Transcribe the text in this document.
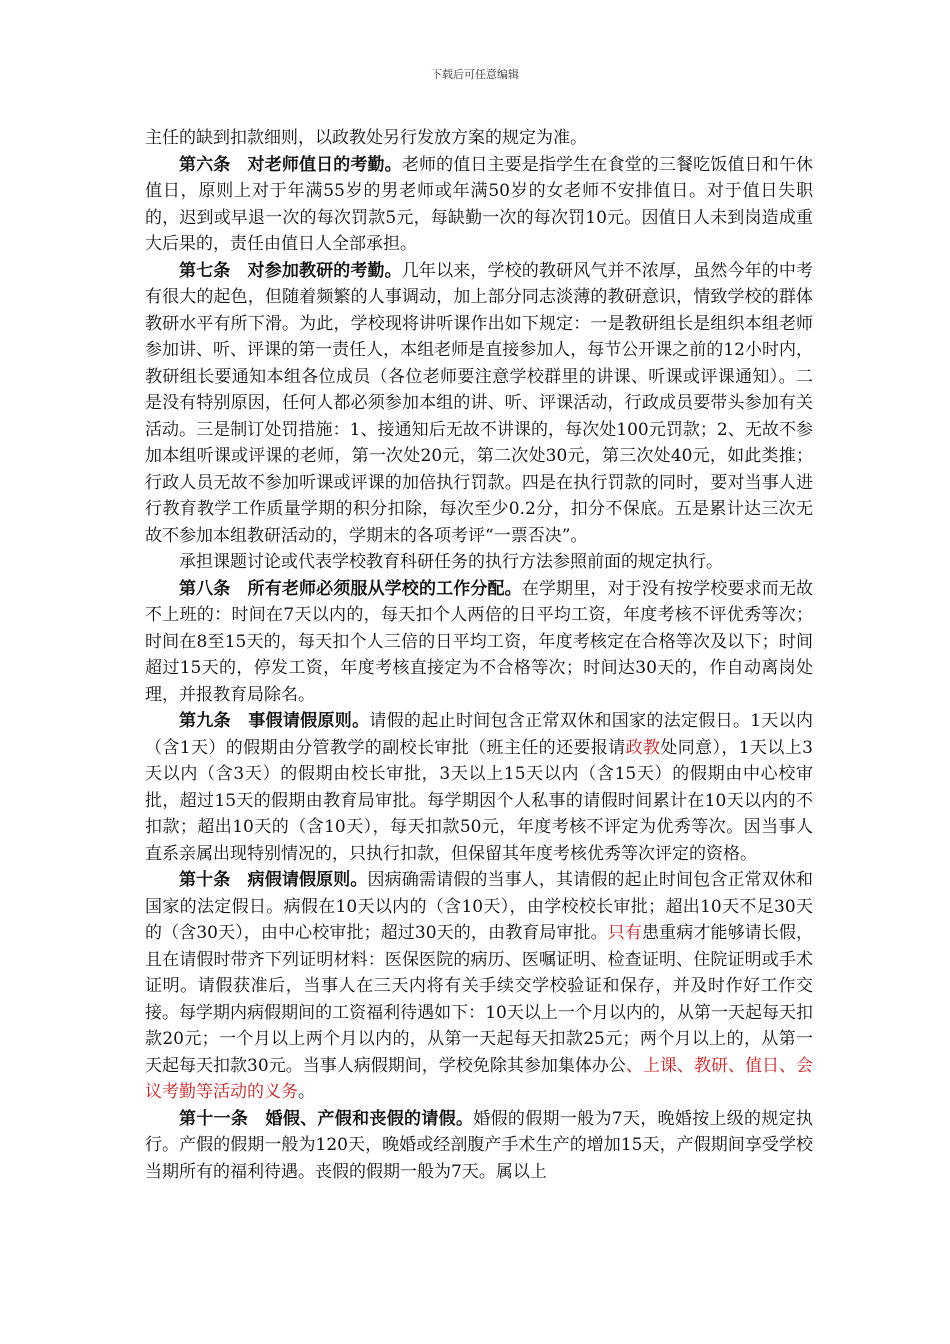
下载后可任意编辑

主任的缺到扣款细则，以政教处另行发放方案的规定为准。

第六条　对老师值日的考勤。老师的值日主要是指学生在食堂的三餐吃饭值日和午休值日，原则上对于年满55岁的男老师或年满50岁的女老师不安排值日。对于值日失职的，迟到或早退一次的每次罚款5元，每缺勤一次的每次罚10元。因值日人未到岗造成重大后果的，责任由值日人全部承担。

第七条　对参加教研的考勤。几年以来，学校的教研风气并不浓厚，虽然今年的中考有很大的起色，但随着频繁的人事调动，加上部分同志淡薄的教研意识，情致学校的群体教研水平有所下滑。为此，学校现将讲听课作出如下规定：一是教研组长是组织本组老师参加讲、听、评课的第一责任人，本组老师是直接参加人，每节公开课之前的12小时内，教研组长要通知本组各位成员（各位老师要注意学校群里的讲课、听课或评课通知）。二是没有特别原因，任何人都必须参加本组的讲、听、评课活动，行政成员要带头参加有关活动。三是制订处罚措施：1、接通知后无故不讲课的，每次处100元罚款；2、无故不参加本组听课或评课的老师，第一次处20元，第二次处30元，第三次处40元，如此类推；行政人员无故不参加听课或评课的加倍执行罚款。四是在执行罚款的同时，要对当事人进行教育教学工作质量学期的积分扣除，每次至少0.2分，扣分不保底。五是累计达三次无故不参加本组教研活动的，学期末的各项考评“一票否决”。

承担课题讨论或代表学校教育科研任务的执行方法参照前面的规定执行。

第八条　所有老师必须服从学校的工作分配。在学期里，对于没有按学校要求而无故不上班的：时间在7天以内的，每天扣个人两倍的日平均工资，年度考核不评优秀等次；时间在8至15天的，每天扣个人三倍的日平均工资，年度考核定在合格等次及以下；时间超过15天的，停发工资，年度考核直接定为不合格等次；时间达30天的，作自动离岗处理，并报教育局除名。

第九条　事假请假原则。请假的起止时间包含正常双休和国家的法定假日。1天以内（含1天）的假期由分管教学的副校长审批（班主任的还要报请政教处同意），1天以上3天以内（含3天）的假期由校长审批，3天以上15天以内（含15天）的假期由中心校审批，超过15天的假期由教育局审批。每学期因个人私事的请假时间累计在10天以内的不扣款；超出10天的（含10天），每天扣款50元，年度考核不评定为优秀等次。因当事人直系亲属出现特别情况的，只执行扣款，但保留其年度考核优秀等次评定的资格。

第十条　病假请假原则。因病确需请假的当事人，其请假的起止时间包含正常双休和国家的法定假日。病假在10天以内的（含10天），由学校校长审批；超出10天不足30天的（含30天），由中心校审批；超过30天的，由教育局审批。只有患重病才能够请长假，且在请假时带齐下列证明材料：医保医院的病历、医嘱证明、检查证明、住院证明或手术证明。请假获准后，当事人在三天内将有关手续交学校验证和保存，并及时作好工作交接。每学期内病假期间的工资福利待遇如下：10天以上一个月以内的，从第一天起每天扣款20元；一个月以上两个月以内的，从第一天起每天扣款25元；两个月以上的，从第一天起每天扣款30元。当事人病假期间，学校免除其参加集体办公、上课、教研、值日、会议考勤等活动的义务。

第十一条　婚假、产假和丧假的请假。婚假的假期一般为7天，晚婚按上级的规定执行。产假的假期一般为120天，晚婚或经剖腹产手术生产的增加15天，产假期间享受学校当期所有的福利待遇。丧假的假期一般为7天。属以上
